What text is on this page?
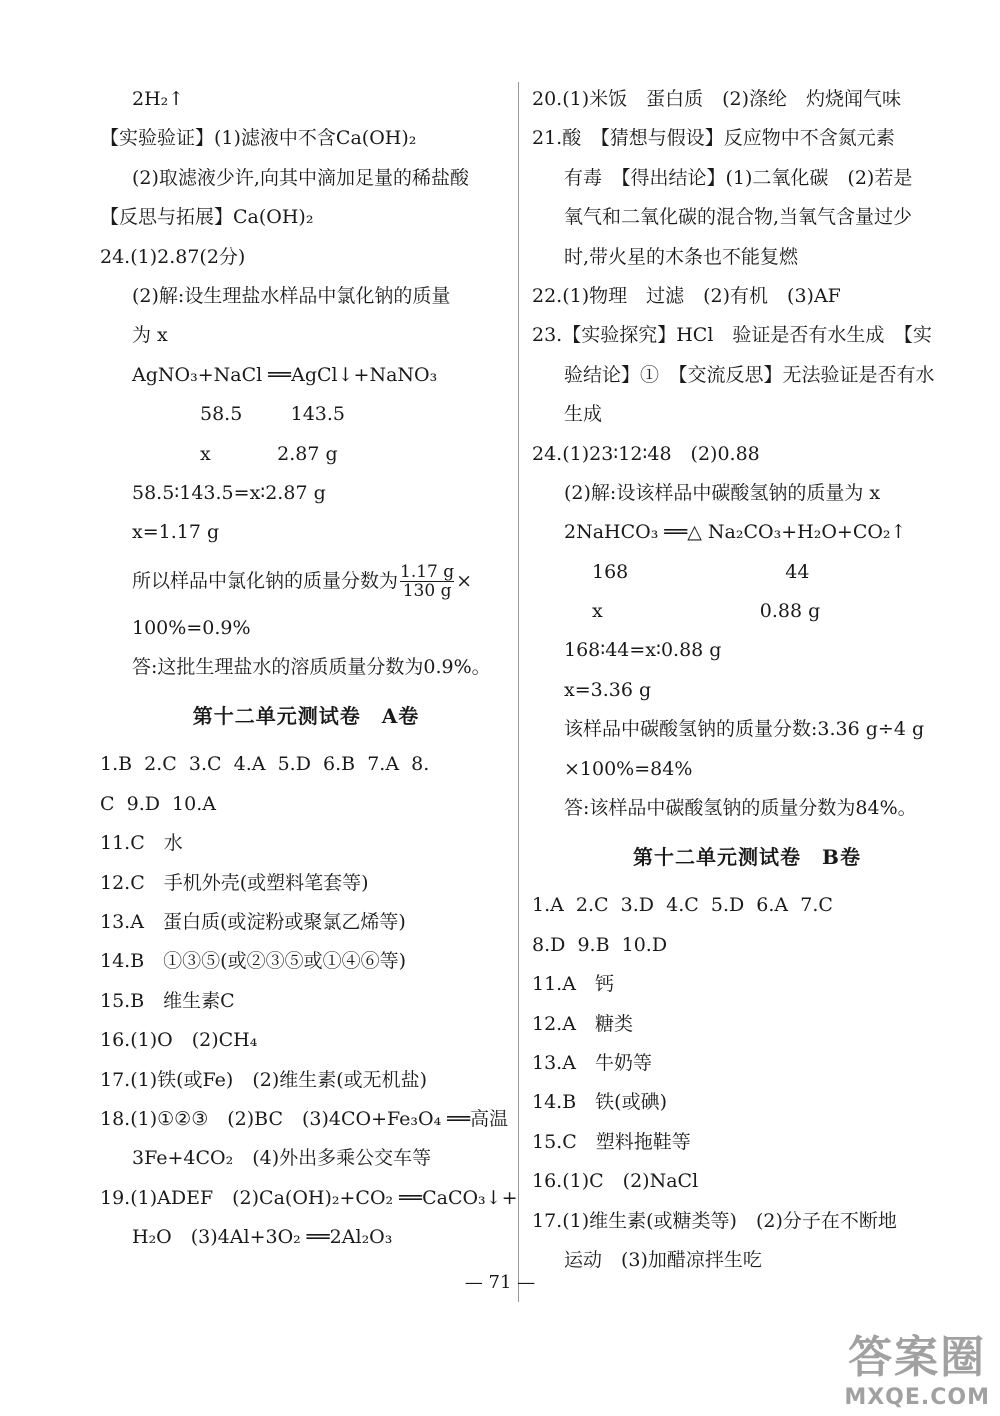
2H₂↑
【实验验证】(1)滤液中不含Ca(OH)₂
(2)取滤液少许,向其中滴加足量的稀盐酸
【反思与拓展】Ca(OH)₂
24.(1)2.87(2分)
(2)解:设生理盐水样品中氯化钠的质量
为 x
AgNO₃+NaCl ══AgCl↓+NaNO₃
58.5        143.5
x           2.87 g
58.5∶143.5=x∶2.87 g
x=1.17 g
所以样品中氯化钠的质量分数为 $\frac{1.17 g}{130 g}$ ×
100%=0.9%
答:这批生理盐水的溶质质量分数为0.9%。
第十二单元测试卷　A卷
1.B  2.C  3.C  4.A  5.D  6.B  7.A  8.
C  9.D  10.A
11.C　水
12.C　手机外壳(或塑料笔套等)
13.A　蛋白质(或淀粉或聚氯乙烯等)
14.B　①③⑤(或②③⑤或①④⑥等)
15.B　维生素C
16.(1)O　(2)CH₄
17.(1)铁(或Fe)　(2)维生素(或无机盐)
18.(1)①②③　(2)BC　(3)4CO+Fe₃O₄ ══高温
3Fe+4CO₂　(4)外出多乘公交车等
19.(1)ADEF　(2)Ca(OH)₂+CO₂ ══CaCO₃↓+
H₂O　(3)4Al+3O₂ ══2Al₂O₃
20.(1)米饭　蛋白质　(2)涤纶　灼烧闻气味
21.酸　【猜想与假设】反应物中不含氮元素
有毒　【得出结论】(1)二氧化碳　(2)若是
氧气和二氧化碳的混合物,当氧气含量过少
时,带火星的木条也不能复燃
22.(1)物理　过滤　(2)有机　(3)AF
23.【实验探究】HCl　验证是否有水生成　【实
验结论】①　【交流反思】无法验证是否有水
生成
24.(1)23∶12∶48　(2)0.88
(2)解:设该样品中碳酸氢钠的质量为 x
2NaHCO₃ ══△ Na₂CO₃+H₂O+CO₂↑
168                          44
x                          0.88 g
168∶44=x∶0.88 g
x=3.36 g
该样品中碳酸氢钠的质量分数:3.36 g÷4 g
×100%=84%
答:该样品中碳酸氢钠的质量分数为84%。
第十二单元测试卷　B卷
1.A  2.C  3.D  4.C  5.D  6.A  7.C
8.D  9.B  10.D
11.A　钙
12.A　糖类
13.A　牛奶等
14.B　铁(或碘)
15.C　塑料拖鞋等
16.(1)C　(2)NaCl
17.(1)维生素(或糖类等)　(2)分子在不断地
运动　(3)加醋凉拌生吃
— 71 —
答案圈
MXQE.COM
